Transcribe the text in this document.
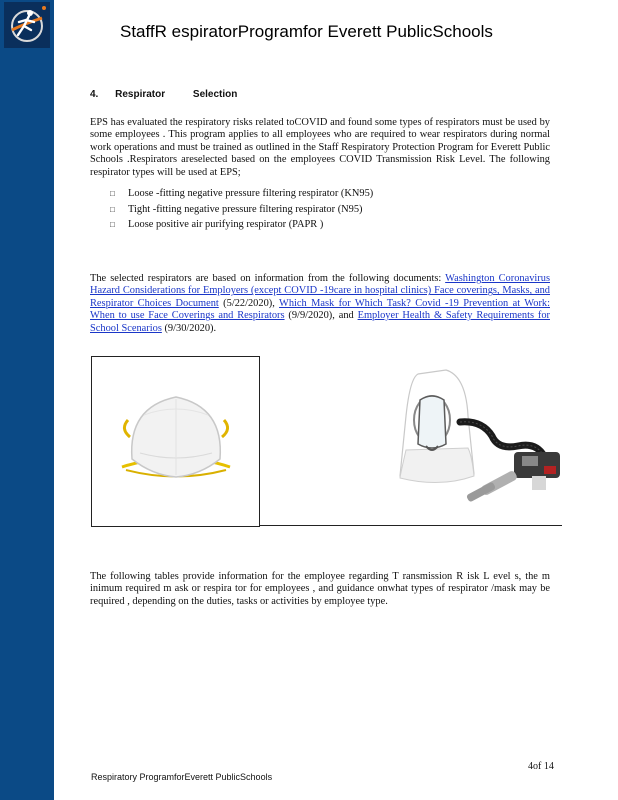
StaffR espiratorProgramfor Everett PublicSchools
4. Respirator          Selection

EPS has evaluated the respiratory risks related toCOVID and found some types of respirators must be used by some employees . This program applies to all employees who are required to wear respirators during normal work operations and must be trained as outlined in the Staff Respiratory Protection Program for Everett Public Schools .Respirators areselected based on the employees COVID Transmission Risk Level. The following respirator types will be used at EPS;

□ Loose -fitting negative pressure filtering respirator (KN95)
□ Tight -fitting negative pressure filtering respirator (N95)
□ Loose positive air purifying respirator (PAPR )

The selected respirators are based on information from the following documents: Washington Coronavirus Hazard Considerations for Employers (except COVID -19care in hospital clinics) Face coverings, Masks, and Respirator Choices Document (5/22/2020), Which Mask for Which Task? Covid -19 Prevention at Work: When to use Face Coverings and Respirators (9/9/2020), and Employer Health & Safety Requirements for School Scenarios (9/30/2020).

The following tables provide information for the employee regarding T ransmission R isk L evel s, the m inimum required m ask or respira tor for employees , and guidance onwhat types of respirator /mask may be required , depending on the duties, tasks or activities by employee type.

4of 14
Respiratory ProgramforEverett PublicSchools
